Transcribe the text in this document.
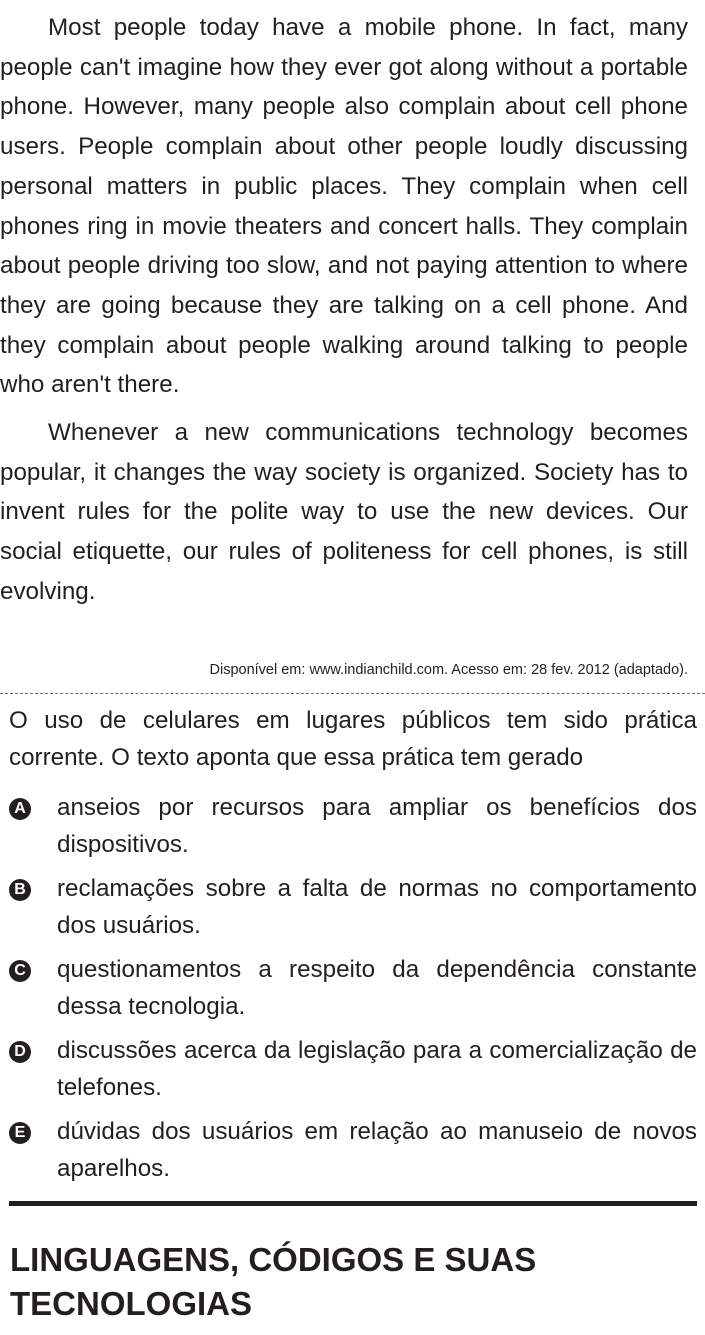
Most people today have a mobile phone. In fact, many people can't imagine how they ever got along without a portable phone. However, many people also complain about cell phone users. People complain about other people loudly discussing personal matters in public places. They complain when cell phones ring in movie theaters and concert halls. They complain about people driving too slow, and not paying attention to where they are going because they are talking on a cell phone. And they complain about people walking around talking to people who aren't there.

Whenever a new communications technology becomes popular, it changes the way society is organized. Society has to invent rules for the polite way to use the new devices. Our social etiquette, our rules of politeness for cell phones, is still evolving.

Disponível em: www.indianchild.com. Acesso em: 28 fev. 2012 (adaptado).

O uso de celulares em lugares públicos tem sido prática corrente. O texto aponta que essa prática tem gerado

A anseios por recursos para ampliar os benefícios dos dispositivos.
B reclamações sobre a falta de normas no comportamento dos usuários.
C questionamentos a respeito da dependência constante dessa tecnologia.
D discussões acerca da legislação para a comercialização de telefones.
E dúvidas dos usuários em relação ao manuseio de novos aparelhos.
LINGUAGENS, CÓDIGOS E SUAS TECNOLOGIAS
